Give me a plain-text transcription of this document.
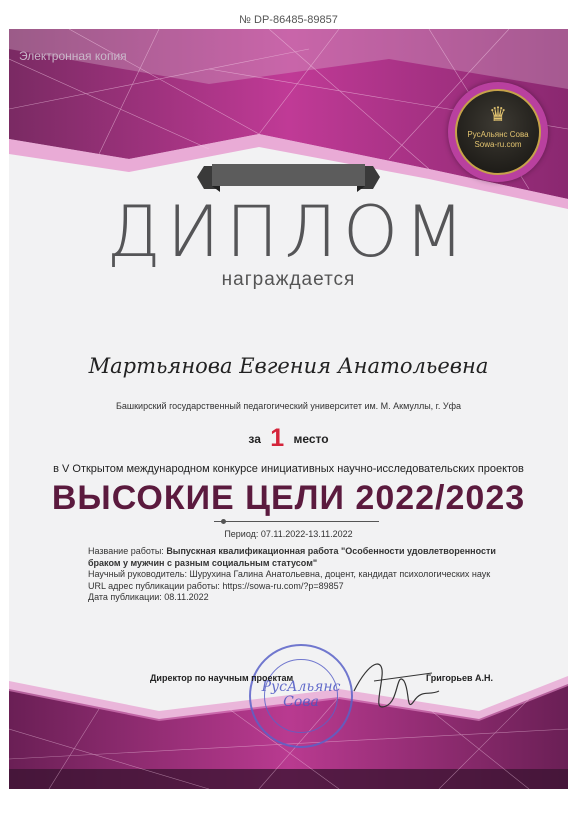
№ DP-86485-89857
Электронная копия
♛
РусАльянс Сова
Sowa-ru.com
ДИПЛОМ
награждается
Мартьянова Евгения Анатольевна
Башкирский государственный педагогический университет им. М. Акмуллы, г. Уфа
за 1 место
в V Открытом международном конкурсе инициативных научно-исследовательских проектов
ВЫСОКИЕ ЦЕЛИ 2022/2023
Период: 07.11.2022-13.11.2022
Название работы: Выпускная квалификационная работа "Особенности удовлетворенности браком у мужчин с разным социальным статусом"
Научный руководитель: Шурухина Галина Анатольевна, доцент, кандидат психологических наук
URL адрес публикации работы: https://sowa-ru.com/?p=89857
Дата публикации: 08.11.2022
РусАльянс
Сова
Директор по научным проектам	Григорьев А.Н.
